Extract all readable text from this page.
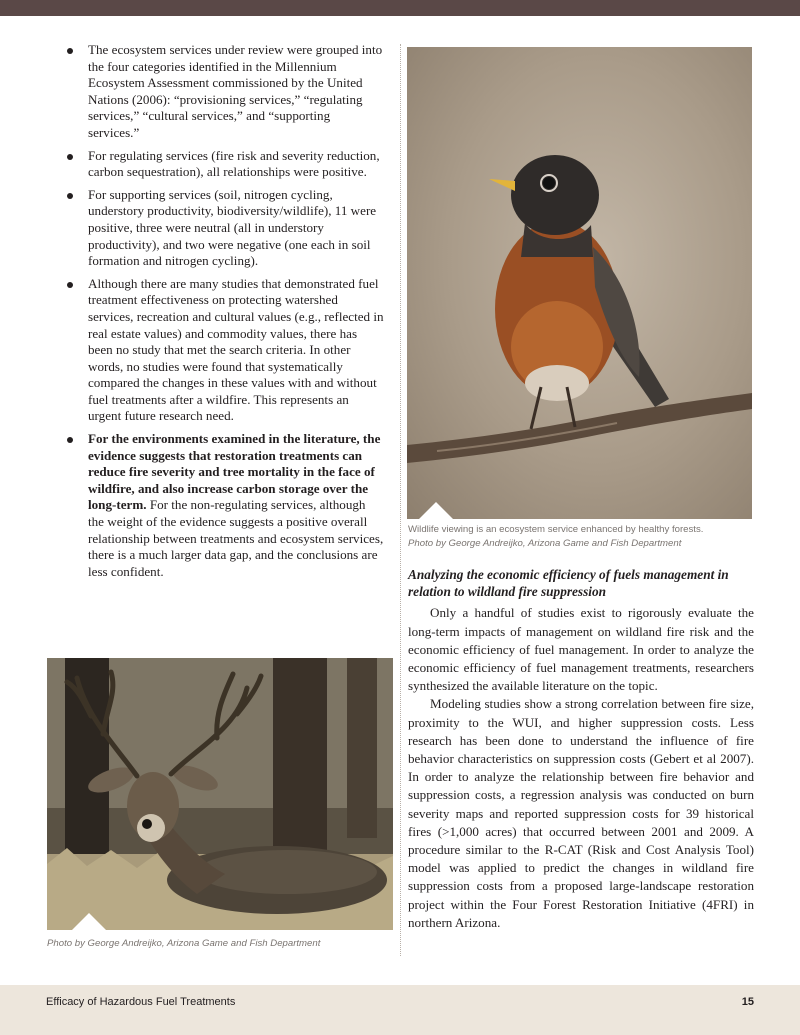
The ecosystem services under review were grouped into the four categories identified in the Millennium Ecosystem Assessment commissioned by the United Nations (2006): “provisioning services,” “regulating services,” “cultural services,” and “supporting services.”
For regulating services (fire risk and severity reduction, carbon sequestration), all relationships were positive.
For supporting services (soil, nitrogen cycling, understory productivity, biodiversity/wildlife), 11 were positive, three were neutral (all in understory productivity), and two were negative (one each in soil formation and nitrogen cycling).
Although there are many studies that demonstrated fuel treatment effectiveness on protecting watershed services, recreation and cultural values (e.g., reflected in real estate values) and commodity values, there has been no study that met the search criteria. In other words, no studies were found that systematically compared the changes in these values with and without fuel treatments after a wildfire. This represents an urgent future research need.
For the environments examined in the literature, the evidence suggests that restoration treatments can reduce fire severity and tree mortality in the face of wildfire, and also increase carbon storage over the long-term. For the non-regulating services, although the weight of the evidence suggests a positive overall relationship between treatments and ecosystem services, there is a much larger data gap, and the conclusions are less confident.
Wildlife viewing is an ecosystem service enhanced by healthy forests.
Photo by George Andreijko, Arizona Game and Fish Department
Analyzing the economic efficiency of fuels management in relation to wildland fire suppression

Only a handful of studies exist to rigorously evaluate the long-term impacts of management on wildland fire risk and the economic efficiency of fuel management. In order to analyze the economic efficiency of fuel management treatments, researchers synthesized the available literature on the topic.

Modeling studies show a strong correlation between fire size, proximity to the WUI, and higher suppression costs. Less research has been done to understand the influence of fire behavior characteristics on suppression costs (Gebert et al 2007). In order to analyze the relationship between fire behavior and suppression costs, a regression analysis was conducted on burn severity maps and reported suppression costs for 39 historical fires (>1,000 acres) that occurred between 2001 and 2009. A procedure similar to the R-CAT (Risk and Cost Analysis Tool) model was applied to predict the changes in wildland fire suppression costs from a proposed large-landscape restoration project within the Four Forest Restoration Initiative (4FRI) in northern Arizona.

Photo by George Andreijko, Arizona Game and Fish Department
Efficacy of Hazardous Fuel Treatments	15
